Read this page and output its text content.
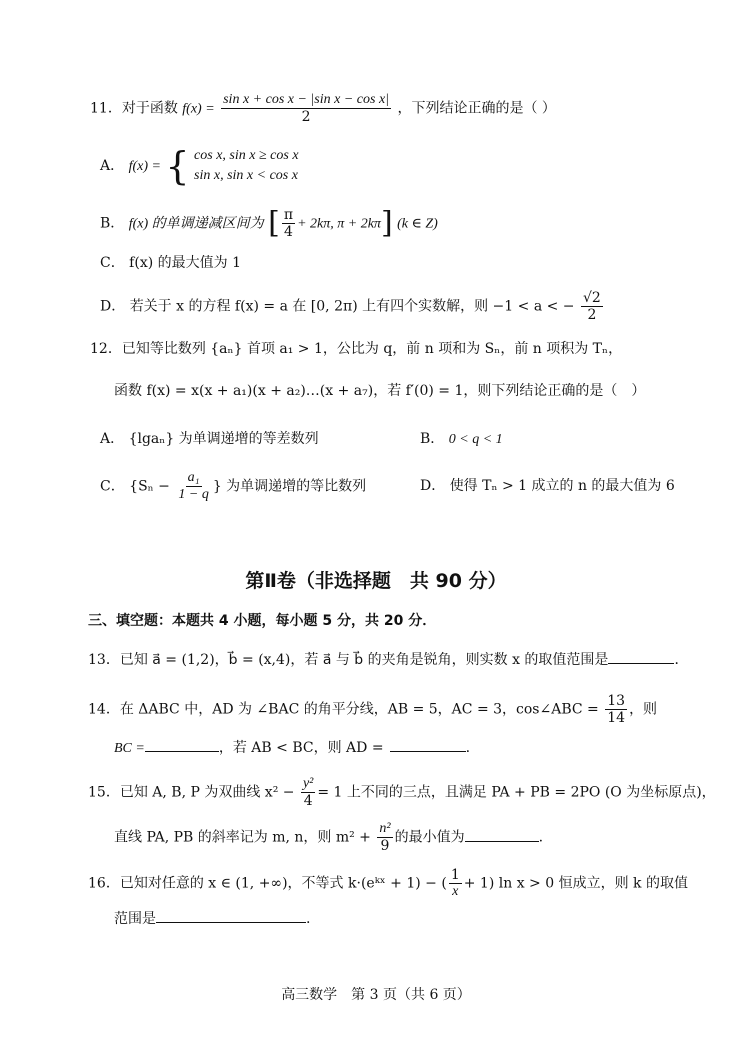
11．对于函数 $f(x) = \frac{\text{sin x + cos x − |sin x − cos x|}}{2}$ ，下列结论正确的是（ ）
A． f(x) = { cos x, sin x ≥ cos x
sin x, sin x < cos x
B． f(x) 的单调递减区间为 [ $\frac{\pi}{4} + 2k\pi$, π + 2kπ] (k ∈ Z)
C． f(x) 的最大值为 1
D． 若关于 x 的方程 f(x) = a 在 [0, 2π) 上有四个实数解，则 −1 < a < − $\frac{√2}{2}$
12．已知等比数列 {aₙ} 首项 a₁ > 1，公比为 q，前 n 项和为 Sₙ，前 n 项积为 Tₙ，
函数 f(x) = x(x + a₁)(x + a₂)…(x + a₇)，若 f′(0) = 1，则下列结论正确的是（　）
A． {lgaₙ} 为单调递增的等差数列	B． 0 < q < 1
C． {$S_n - \frac{\text{a₁}}{1 - q}$ } 为单调递增的等比数列	D． 使得 Tₙ > 1 成立的 n 的最大值为 6
第Ⅱ卷（非选择题　共 90 分）
三、填空题：本题共 4 小题，每小题 5 分，共 20 分．
13．已知 a⃗ = (1,2)，b⃗ = (x,4)，若 a⃗ 与 b⃗ 的夹角是锐角，则实数 x 的取值范围是	．
14．在 ΔABC 中，AD 为 ∠BAC 的角平分线，AB = 5，AC = 3，cos∠ABC = $\frac{13}{14}$ ，则
BC =	，若 AB < BC，则 AD =	.
15．已知 A, B, P 为双曲线 $x^2 - \frac{\text{y²}}{4} = 1$ 上不同的三点，且满足 PA + PB = 2PO (O 为坐标原点)，
直线 PA, PB 的斜率记为 m, n，则 $m^2 + \frac{\text{n²}}{9}$ 的最小值为	.
16．已知对任意的 x ∈ (1, +∞)，不等式 k·(eᵏˣ + 1) − ( $\frac{1}{x} + 1$) ln x > 0 恒成立，则 k 的取值
范围是	.
高三数学　第 3 页（共 6 页）
